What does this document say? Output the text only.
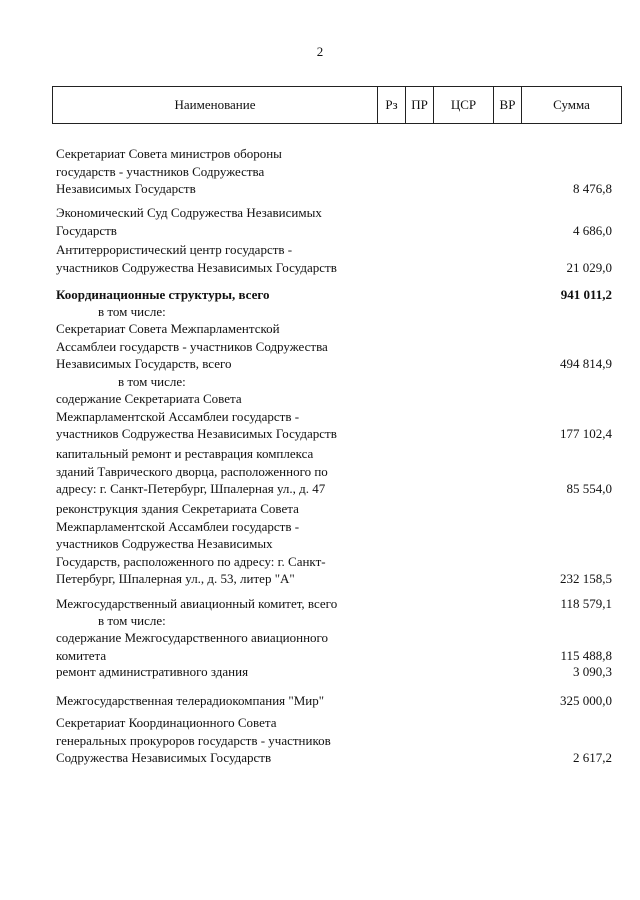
2
Наименование	Рз	ПР	ЦСР	ВР	Сумма
Секретариат Совета министров обороны
государств - участников Содружества
Независимых Государств	8 476,8
Экономический Суд Содружества Независимых
Государств	4 686,0
Антитеррористический центр государств -
участников Содружества Независимых Государств	21 029,0
Координационные структуры, всего	941 011,2
в том числе:
Секретариат Совета Межпарламентской
Ассамблеи государств - участников Содружества
Независимых Государств, всего	494 814,9
в том числе:
содержание Секретариата Совета
Межпарламентской Ассамблеи государств -
участников Содружества Независимых Государств	177 102,4
капитальный ремонт и реставрация комплекса
зданий Таврического дворца, расположенного по
адресу: г. Санкт-Петербург, Шпалерная ул., д. 47	85 554,0
реконструкция здания Секретариата Совета
Межпарламентской Ассамблеи государств -
участников Содружества Независимых
Государств, расположенного по адресу: г. Санкт-
Петербург, Шпалерная ул., д. 53, литер "А"	232 158,5
Межгосударственный авиационный комитет, всего	118 579,1
в том числе:
содержание Межгосударственного авиационного
комитета	115 488,8
ремонт административного здания	3 090,3
Межгосударственная телерадиокомпания "Мир"	325 000,0
Секретариат Координационного Совета
генеральных прокуроров государств - участников
Содружества Независимых Государств	2 617,2
